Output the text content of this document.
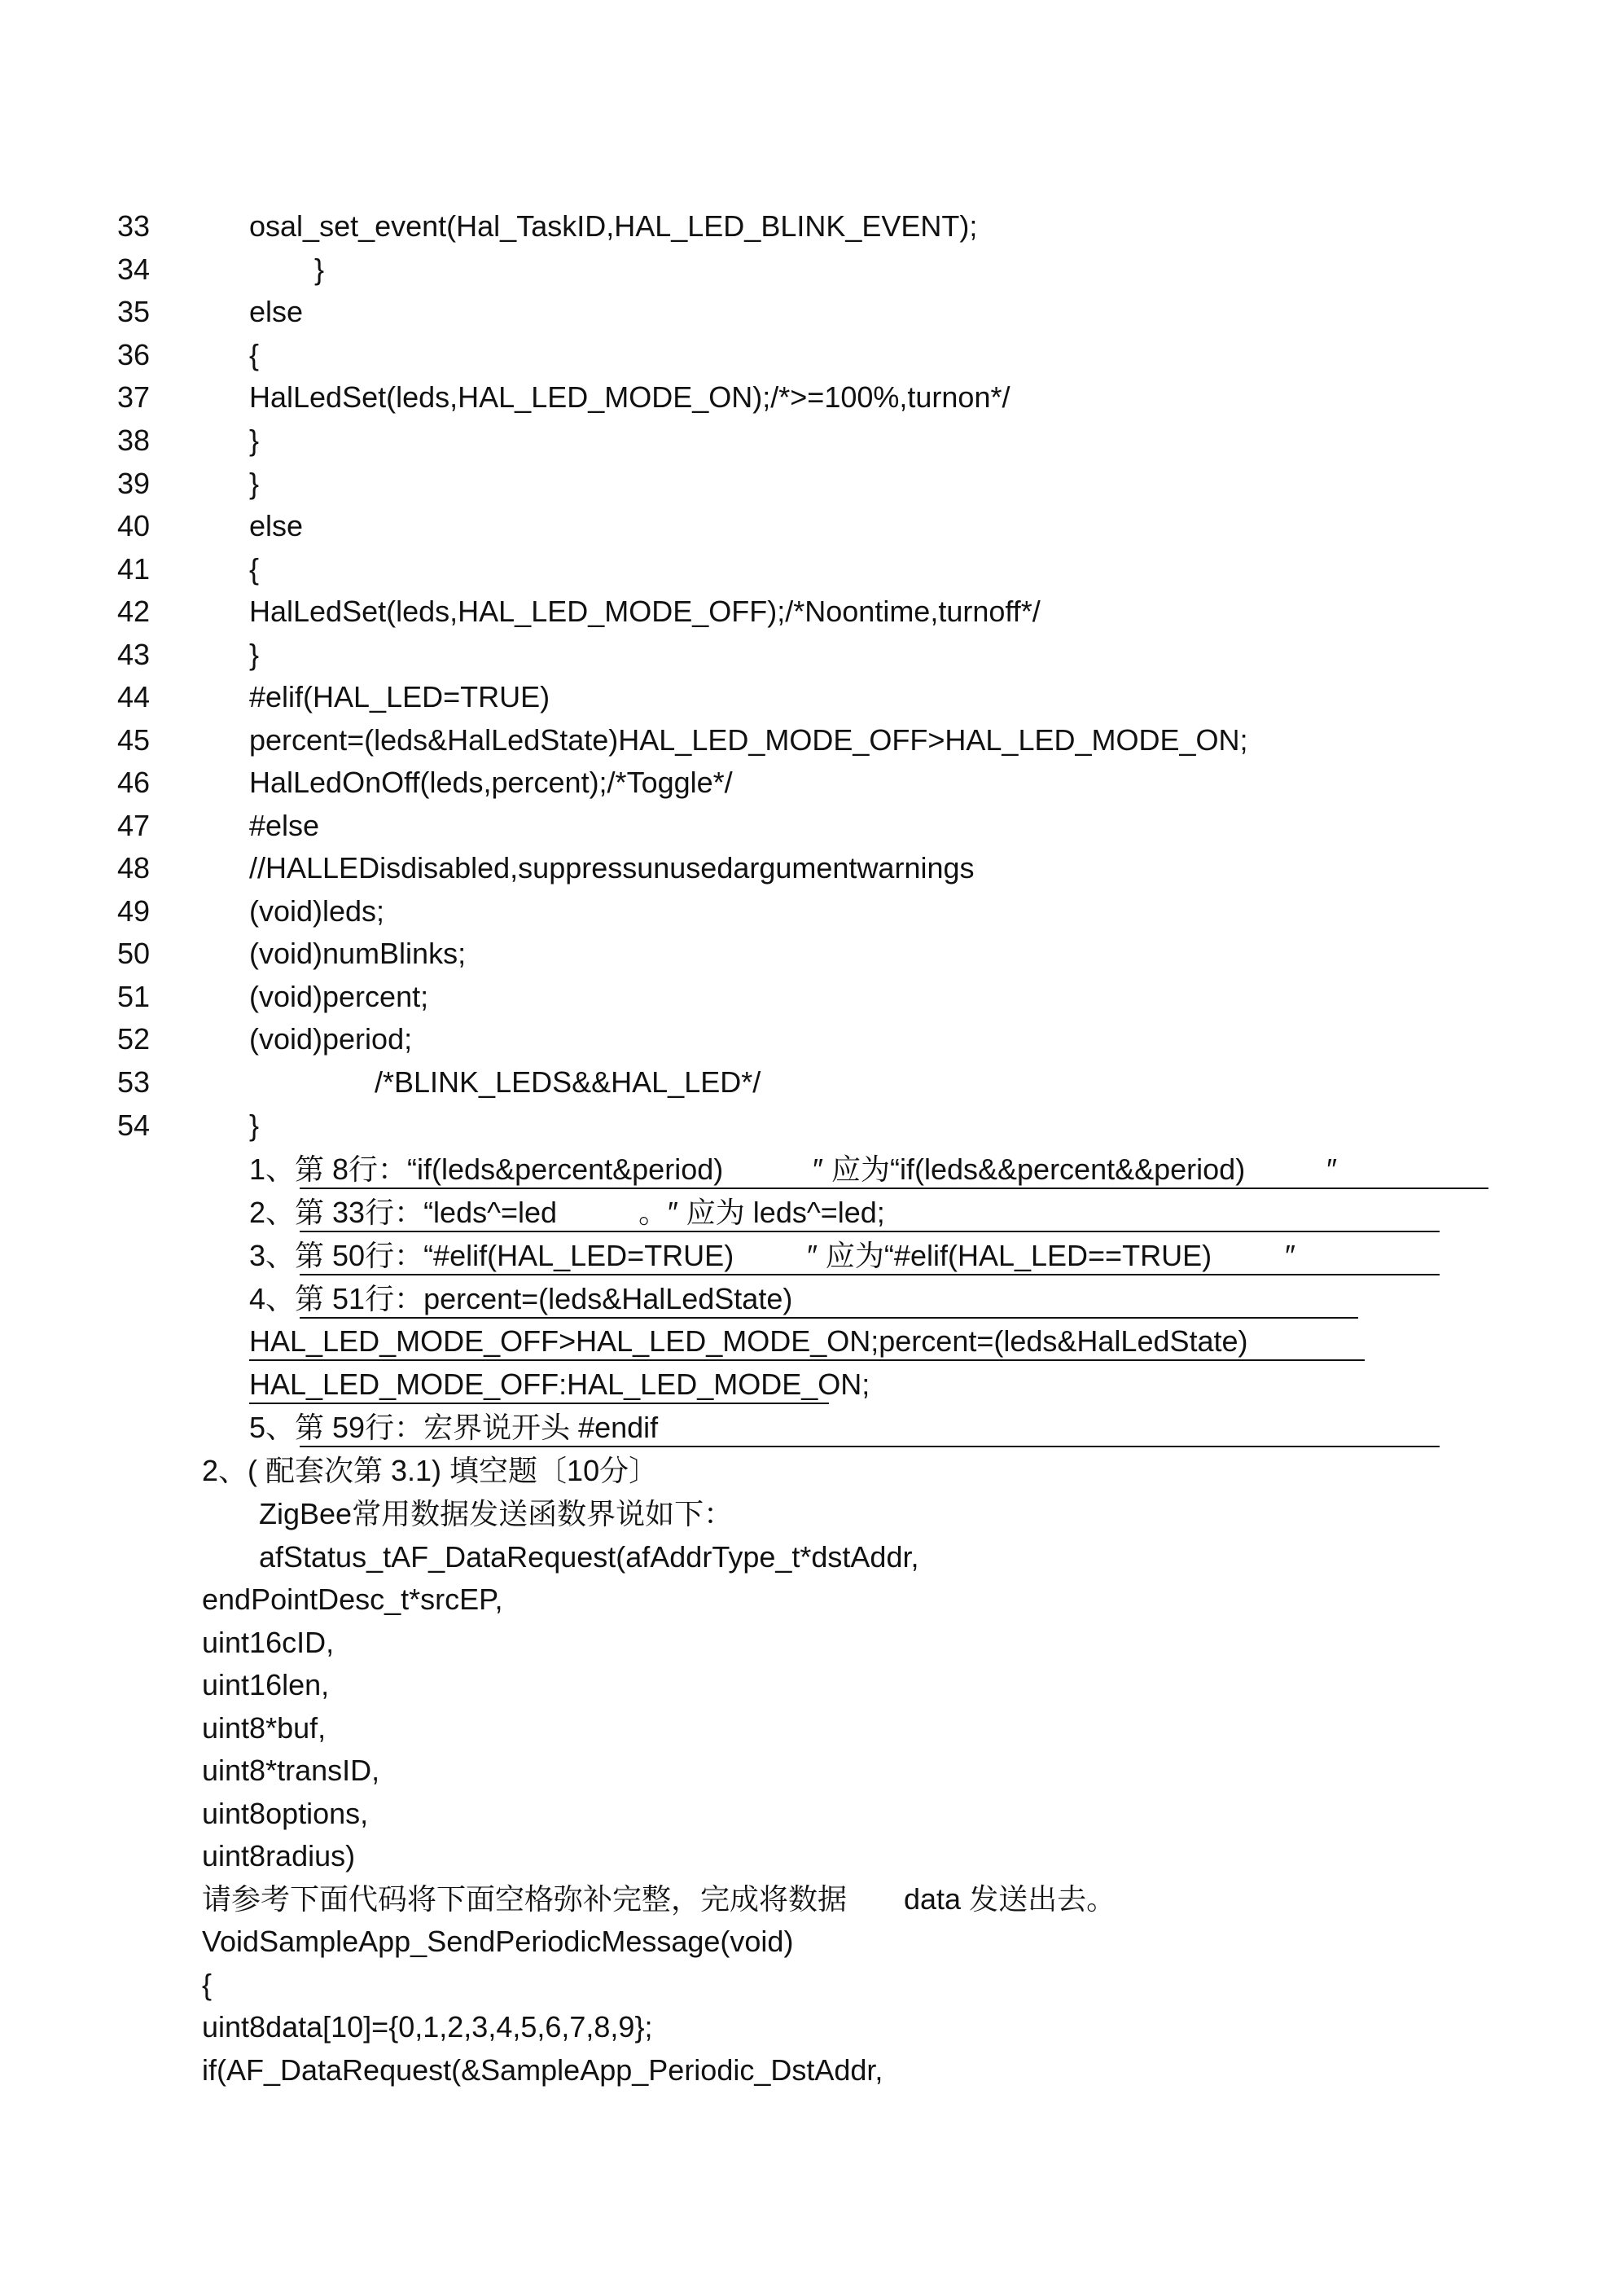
33	osal_set_event(Hal_TaskID,HAL_LED_BLINK_EVENT);
34	}
35	else
36	{
37	HalLedSet(leds,HAL_LED_MODE_ON);/*>=100%,turnon*/
38	}
39	}
40	else
41	{
42	HalLedSet(leds,HAL_LED_MODE_OFF);/*Noontime,turnoff*/
43	}
44	#elif(HAL_LED=TRUE)
45	percent=(leds&HalLedState)HAL_LED_MODE_OFF>HAL_LED_MODE_ON;
46	HalLedOnOff(leds,percent);/*Toggle*/
47	#else
48	//HALLEDisdisabled,suppressunusedargumentwarnings
49	(void)leds;
50	(void)numBlinks;
51	(void)percent;
52	(void)period;
53	/*BLINK_LEDS&&HAL_LED*/
54	}
1、第 8行：“if(leds&percent&period)	″ 应为“if(leds&&percent&&period)	″
2、第 33行：“leds^=led	。″ 应为 leds^=led;
3、第 50行：“#elif(HAL_LED=TRUE)	″ 应为“#elif(HAL_LED==TRUE)	″
4、第 51行：percent=(leds&HalLedState)
HAL_LED_MODE_OFF>HAL_LED_MODE_ON;percent=(leds&HalLedState)
HAL_LED_MODE_OFF:HAL_LED_MODE_ON;
5、第 59行：宏界说开头 #endif
2、( 配套次第 3.1) 填空题〔10分〕
ZigBee常用数据发送函数界说如下：
afStatus_tAF_DataRequest(afAddrType_t*dstAddr,
endPointDesc_t*srcEP,
uint16cID,
uint16len,
uint8*buf,
uint8*transID,
uint8options,
uint8radius)
请参考下面代码将下面空格弥补完整，完成将数据 data 发送出去。
VoidSampleApp_SendPeriodicMessage(void)
{
uint8data[10]={0,1,2,3,4,5,6,7,8,9};
if(AF_DataRequest(&SampleApp_Periodic_DstAddr,
